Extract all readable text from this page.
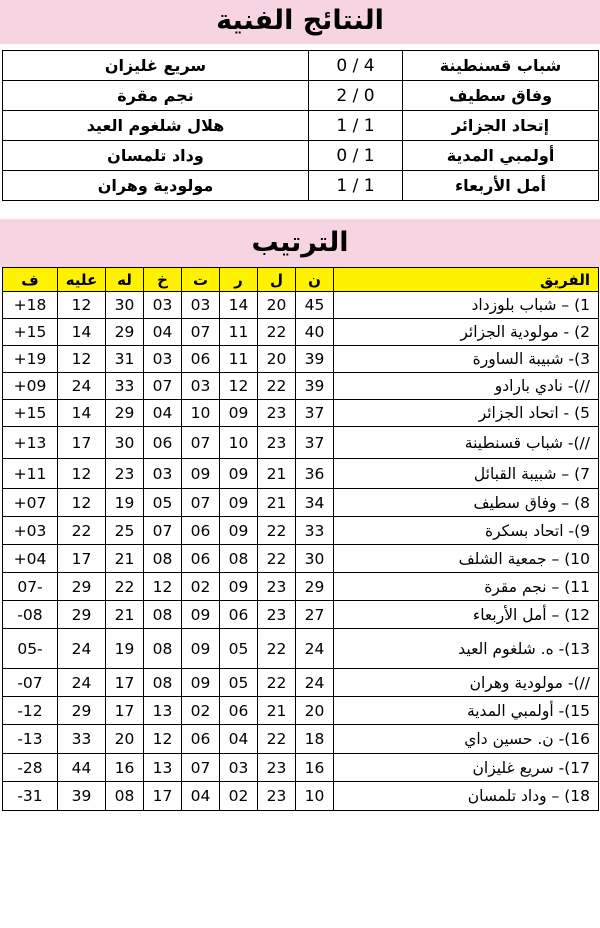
النتائج الفنية
سريع غليزان	0 / 4	شباب قسنطينة
نجم مقرة	2 / 0	وفاق سطيف
هلال شلغوم العيد	1 / 1	إتحاد الجزائر
وداد تلمسان	0 / 1	أولمبي المدية
مولودية وهران	1 / 1	أمل الأربعاء
الترتيب
ف	عليه	له	خ	ت	ر	ل	ن	الفريق
+18	12	30	03	03	14	20	45	1) – شباب بلوزداد
+15	14	29	04	07	11	22	40	2) - مولودية الجزائر
+19	12	31	03	06	11	20	39	3)- شبيبة الساورة
+09	24	33	07	03	12	22	39	//)- نادي بارادو
+15	14	29	04	10	09	23	37	5) - اتحاد الجزائر
+13	17	30	06	07	10	23	37	//)- شباب قسنطينة
+11	12	23	03	09	09	21	36	7) – شبيبة القبائل
+07	12	19	05	07	09	21	34	8) – وفاق سطيف
+03	22	25	07	06	09	22	33	9)- اتحاد بسكرة
+04	17	21	08	06	08	22	30	10) – جمعية الشلف
07-	29	22	12	02	09	23	29	11) – نجم مقرة
-08	29	21	08	09	06	23	27	12) – أمل الأربعاء
05-	24	19	08	09	05	22	24	13)- ه. شلغوم العيد
-07	24	17	08	09	05	22	24	//)- مولودية وهران
-12	29	17	13	02	06	21	20	15)- أولمبي المدية
-13	33	20	12	06	04	22	18	16)- ن. حسين داي
-28	44	16	13	07	03	23	16	17)- سريع غليزان
-31	39	08	17	04	02	23	10	18) – وداد تلمسان
